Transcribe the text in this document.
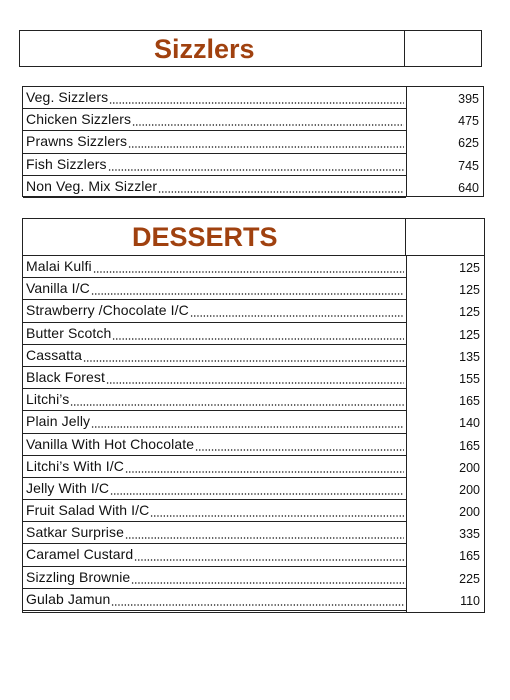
Sizzlers
Veg. Sizzlers	395
Chicken Sizzlers	475
Prawns Sizzlers	625
Fish Sizzlers	745
Non Veg. Mix Sizzler	640
DESSERTS
Malai Kulfi	125
Vanilla I/C	125
Strawberry /Chocolate I/C	125
Butter Scotch	125
Cassatta	135
Black Forest	155
Litchi’s	165
Plain Jelly	140
Vanilla With Hot Chocolate	165
Litchi’s With I/C	200
Jelly With I/C	200
Fruit Salad With I/C	200
Satkar Surprise	335
Caramel Custard	165
Sizzling Brownie	225
Gulab Jamun	110
